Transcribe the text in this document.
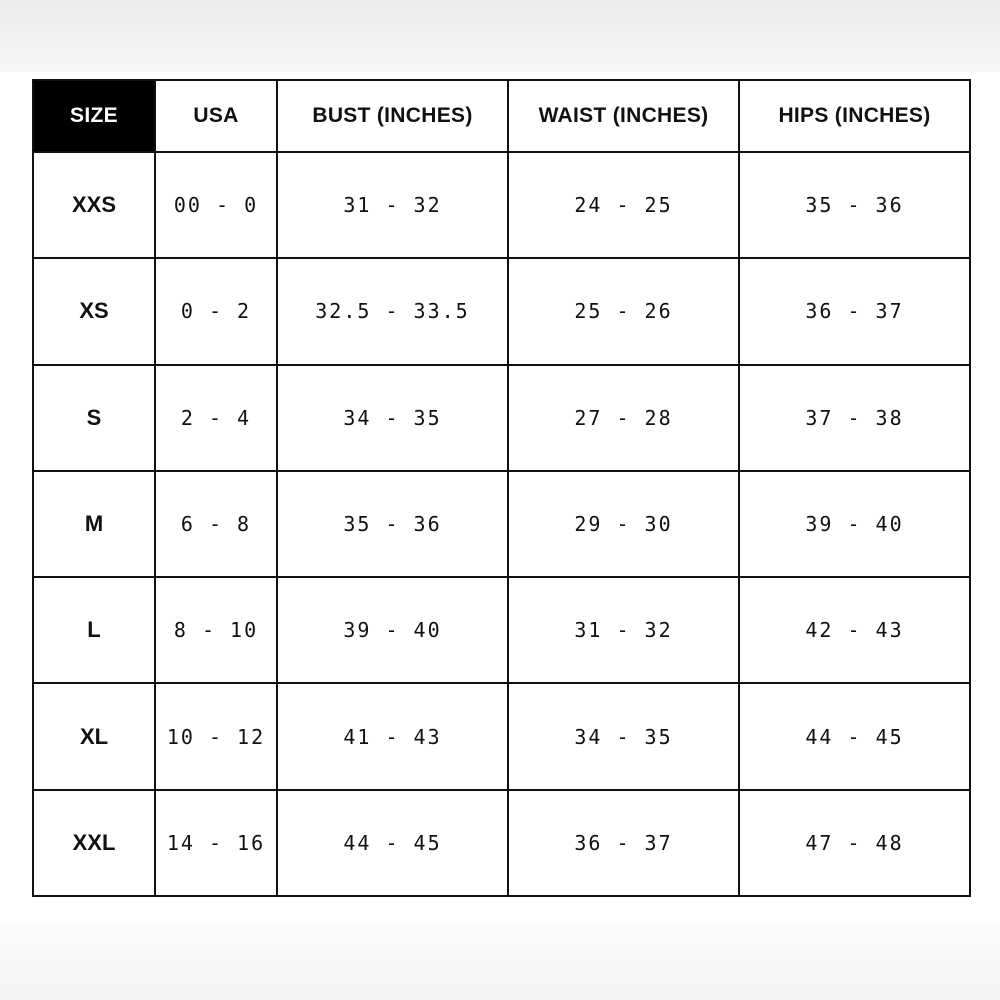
SIZE	USA	BUST (INCHES)	WAIST (INCHES)	HIPS (INCHES)
XXS	00 - 0	31 - 32	24 - 25	35 - 36
XS	0 - 2	32.5 - 33.5	25 - 26	36 - 37
S	2 - 4	34 - 35	27 - 28	37 - 38
M	6 - 8	35 - 36	29 - 30	39 - 40
L	8 - 10	39 - 40	31 - 32	42 - 43
XL	10 - 12	41 - 43	34 - 35	44 - 45
XXL	14 - 16	44 - 45	36 - 37	47 - 48
